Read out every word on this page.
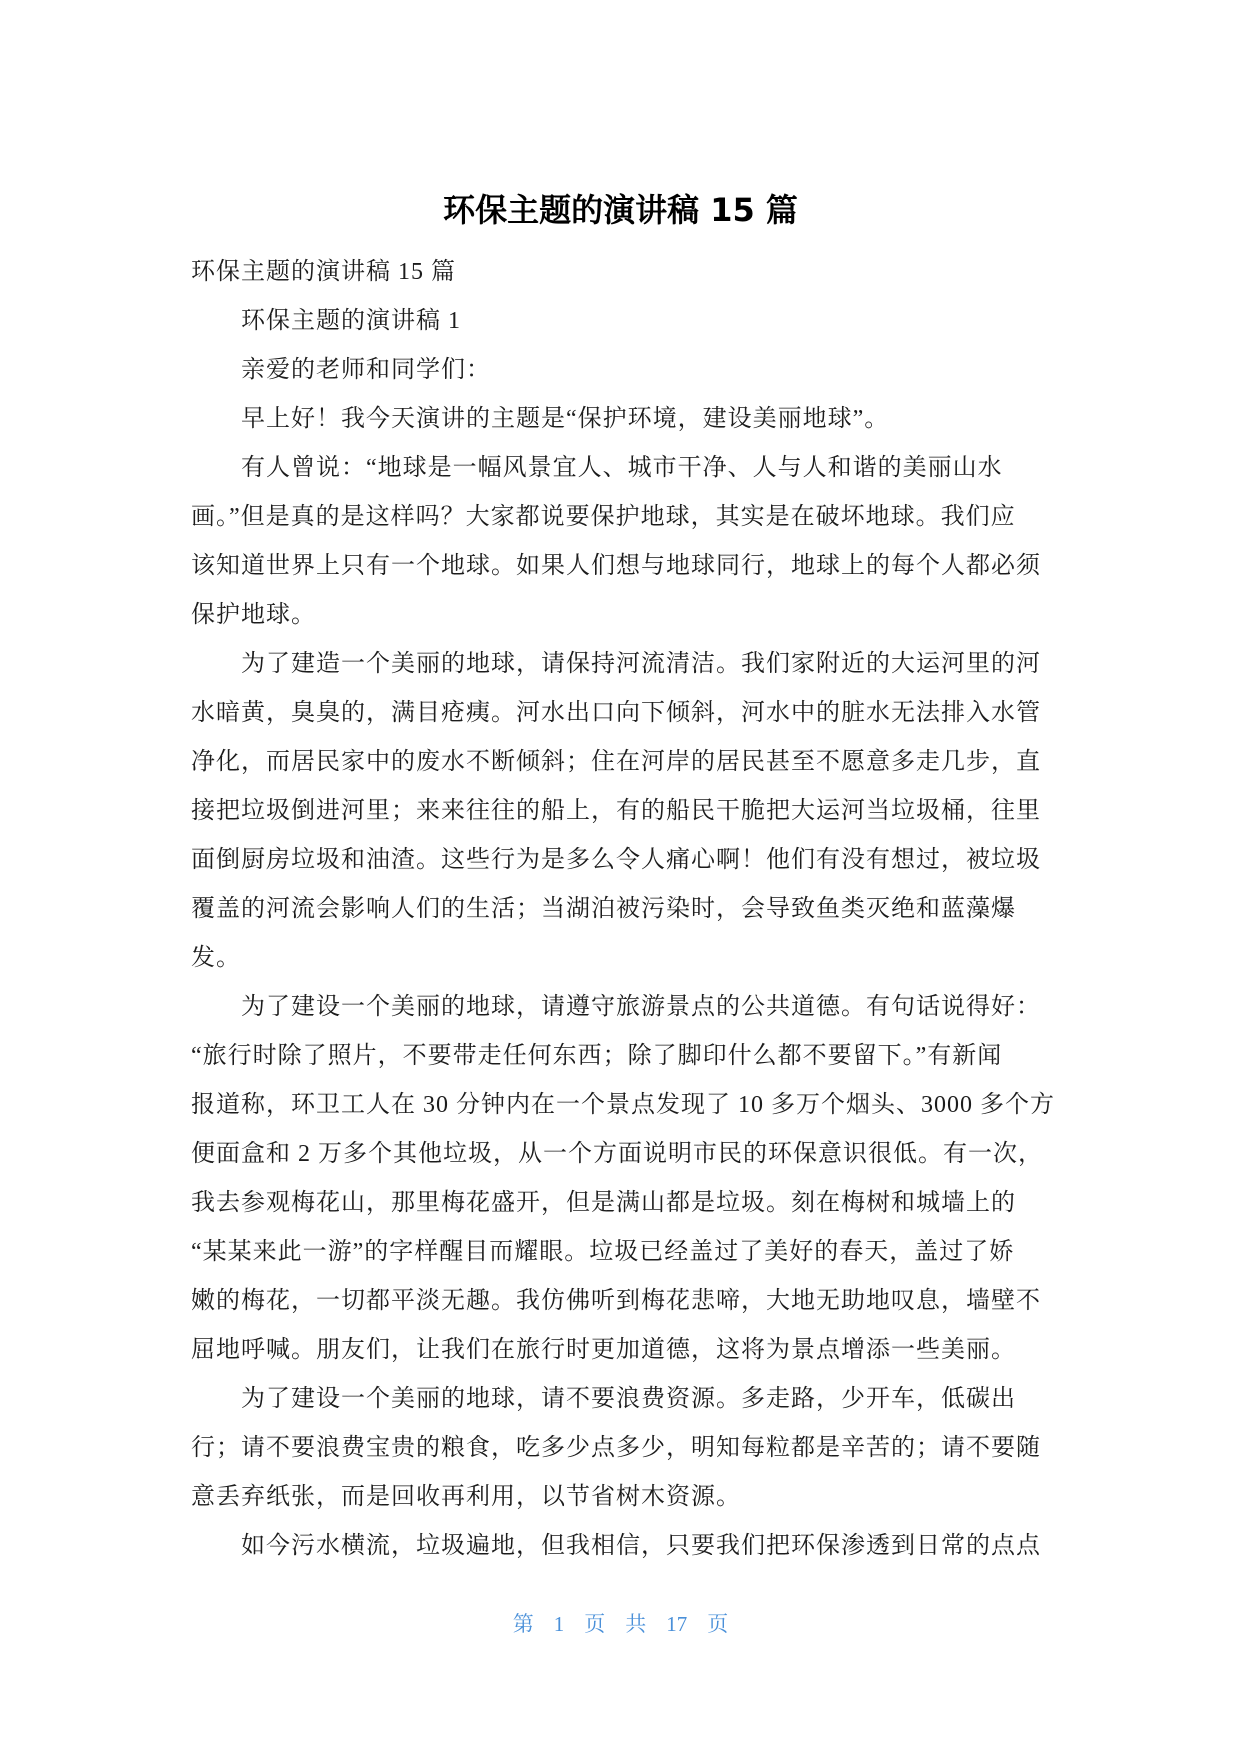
环保主题的演讲稿 15 篇
环保主题的演讲稿 15 篇
环保主题的演讲稿 1
亲爱的老师和同学们：
早上好！我今天演讲的主题是“保护环境，建设美丽地球”。
有人曾说：“地球是一幅风景宜人、城市干净、人与人和谐的美丽山水
画。”但是真的是这样吗？大家都说要保护地球，其实是在破坏地球。我们应
该知道世界上只有一个地球。如果人们想与地球同行，地球上的每个人都必须
保护地球。
为了建造一个美丽的地球，请保持河流清洁。我们家附近的大运河里的河
水暗黄，臭臭的，满目疮痍。河水出口向下倾斜，河水中的脏水无法排入水管
净化，而居民家中的废水不断倾斜；住在河岸的居民甚至不愿意多走几步，直
接把垃圾倒进河里；来来往往的船上，有的船民干脆把大运河当垃圾桶，往里
面倒厨房垃圾和油渣。这些行为是多么令人痛心啊！他们有没有想过，被垃圾
覆盖的河流会影响人们的生活；当湖泊被污染时，会导致鱼类灭绝和蓝藻爆
发。
为了建设一个美丽的地球，请遵守旅游景点的公共道德。有句话说得好：
“旅行时除了照片，不要带走任何东西；除了脚印什么都不要留下。”有新闻
报道称，环卫工人在 30 分钟内在一个景点发现了 10 多万个烟头、3000 多个方
便面盒和 2 万多个其他垃圾，从一个方面说明市民的环保意识很低。有一次，
我去参观梅花山，那里梅花盛开，但是满山都是垃圾。刻在梅树和城墙上的
“某某来此一游”的字样醒目而耀眼。垃圾已经盖过了美好的春天，盖过了娇
嫩的梅花，一切都平淡无趣。我仿佛听到梅花悲啼，大地无助地叹息，墙壁不
屈地呼喊。朋友们，让我们在旅行时更加道德，这将为景点增添一些美丽。
为了建设一个美丽的地球，请不要浪费资源。多走路，少开车，低碳出
行；请不要浪费宝贵的粮食，吃多少点多少，明知每粒都是辛苦的；请不要随
意丢弃纸张，而是回收再利用，以节省树木资源。
如今污水横流，垃圾遍地，但我相信，只要我们把环保渗透到日常的点点
第 1 页 共 17 页
